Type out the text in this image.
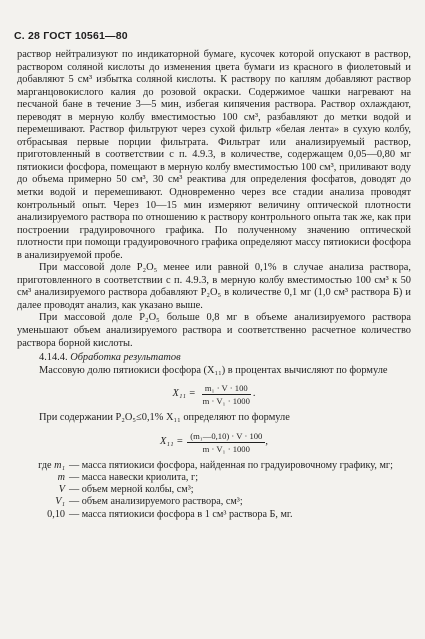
С. 28 ГОСТ 10561—80

раствор нейтрализуют по индикаторной бумаге, кусочек которой опускают в раствор, раствором соляной кислоты до изменения цвета бумаги из красного в фиолетовый и добавляют 5 см³ избытка соляной кислоты. К раствору по каплям добавляют раствор марганцовокислого калия до розовой окраски. Содержимое чашки нагревают на песчаной бане в течение 3—5 мин, избегая кипячения раствора. Раствор охлаждают, переводят в мерную колбу вместимостью 100 см³, разбавляют до метки водой и перемешивают. Раствор фильтруют через сухой фильтр «белая лента» в сухую колбу, отбрасывая первые порции фильтрата. Фильтрат или анализируемый раствор, приготовленный в соответствии с п. 4.9.3, в количестве, содержащем 0,05—0,80 мг пятиокиси фосфора, помещают в мерную колбу вместимостью 100 см³, приливают воду до объема примерно 50 см³, 30 см³ реактива для определения фосфатов, доводят до метки водой и перемешивают. Одновременно через все стадии анализа проводят контрольный опыт. Через 10—15 мин измеряют величину оптической плотности анализируемого раствора по отношению к раствору контрольного опыта так же, как при построении градуировочного графика. По полученному значению оптической плотности при помощи градуировочного графика определяют массу пятиокиси фосфора в анализируемой пробе.

При массовой доле P₂O₅ менее или равной 0,1% в случае анализа раствора, приготовленного в соответствии с п. 4.9.3, в мерную колбу вместимостью 100 см³ к 50 см³ анализируемого раствора добавляют P₂O₅ в количестве 0,1 мг (1,0 см³ раствора Б) и далее проводят анализ, как указано выше.

При массовой доле P₂O₅ больше 0,8 мг в объеме анализируемого раствора уменьшают объем анализируемого раствора и соответственно расчетное количество раствора борной кислоты.

4.14.4. Обработка результатов

Массовую долю пятиокиси фосфора (X₁₁) в процентах вычисляют по формуле

$X_{11} = \frac{\text{m₁ · V · 100}}{\text{m · V₁ · 1000}}$ .

При содержании P₂O₅≤0,1% X₁₁ определяют по формуле

$X_{11} = \frac{\text{(m₁—0,10) · V · 100}}{\text{m · V₁ · 1000}}$ ,
где m₁ — масса пятиокиси фосфора, найденная по градуировочному графику, мг;
m — масса навески криолита, г;
V — объем мерной колбы, см³;
V₁ — объем анализируемого раствора, см³;
0,10 — масса пятиокиси фосфора в 1 см³ раствора Б, мг.
